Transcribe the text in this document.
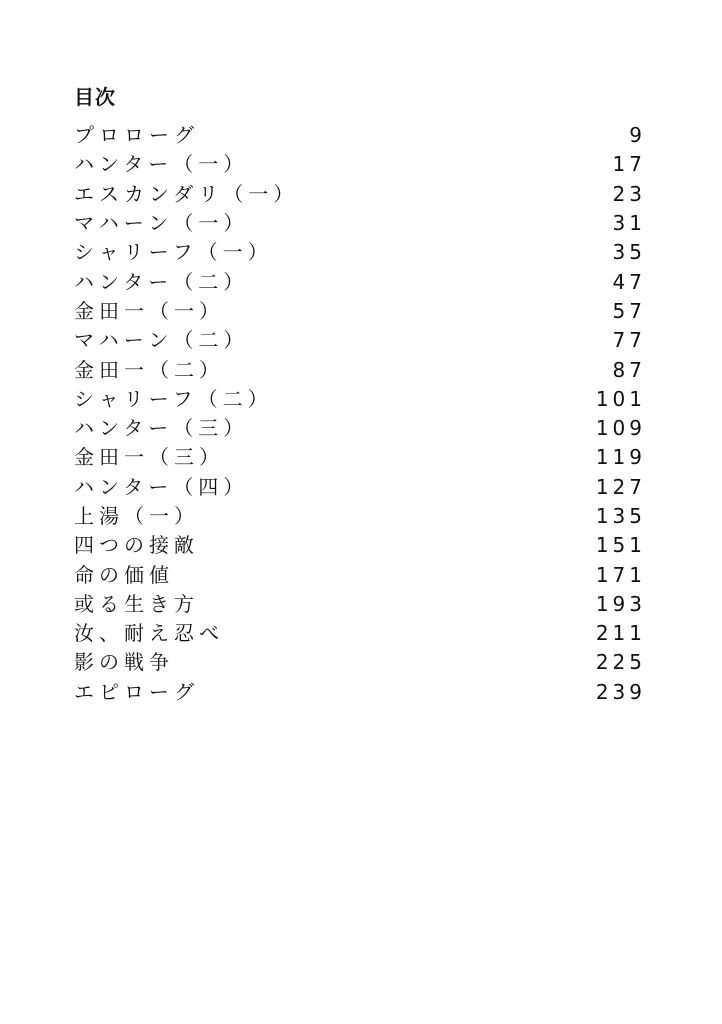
目次
プロローグ	9
ハンター（一）	17
エスカンダリ（一）	23
マハーン（一）	31
シャリーフ（一）	35
ハンター（二）	47
金田一（一）	57
マハーン（二）	77
金田一（二）	87
シャリーフ（二）	101
ハンター（三）	109
金田一（三）	119
ハンター（四）	127
上湯（一）	135
四つの接敵	151
命の価値	171
或る生き方	193
汝、耐え忍べ	211
影の戦争	225
エピローグ	239
